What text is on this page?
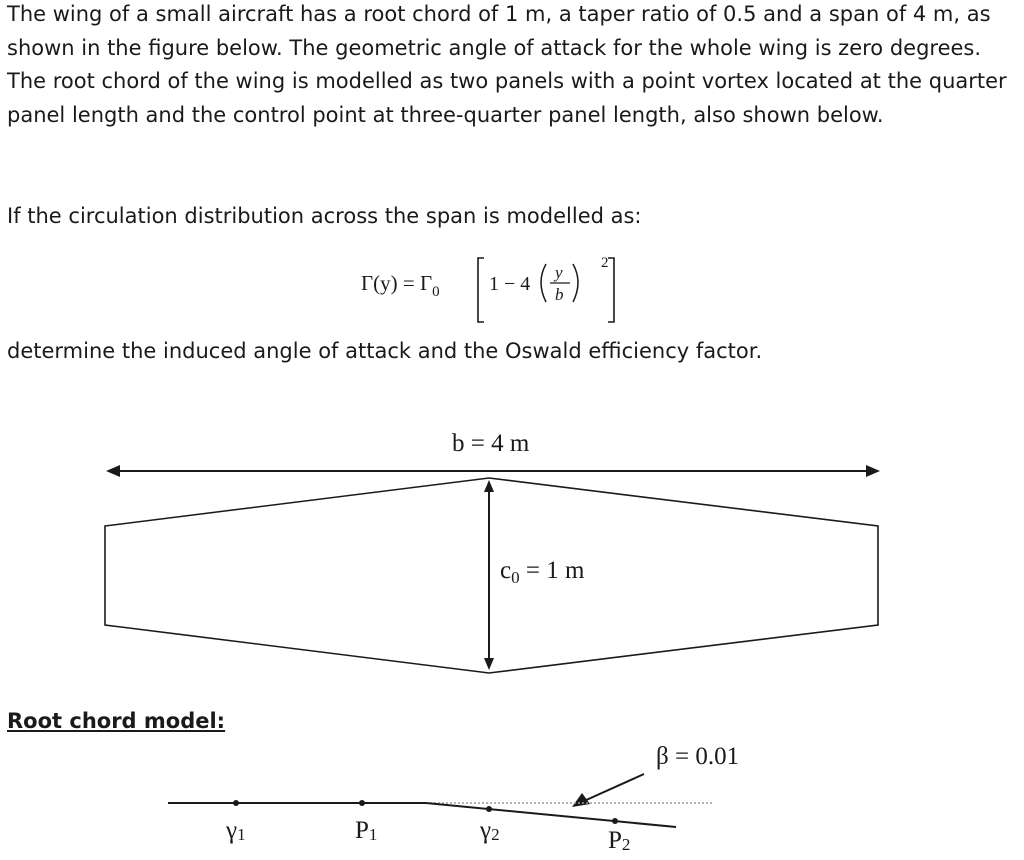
The wing of a small aircraft has a root chord of 1 m, a taper ratio of 0.5 and a span of 4 m, as shown in the figure below. The geometric angle of attack for the whole wing is zero degrees. The root chord of the wing is modelled as two panels with a point vortex located at the quarter panel length and the control point at three-quarter panel length, also shown below.
If the circulation distribution across the span is modelled as:
$\Gamma(y) = \Gamma_0$ 1 − 4
y
b
2
determine the induced angle of attack and the Oswald efficiency factor.
b = 4 m
$c_0 = 1$ m
Root chord model:
β = 0.01
γ1	P1	γ2	P2
